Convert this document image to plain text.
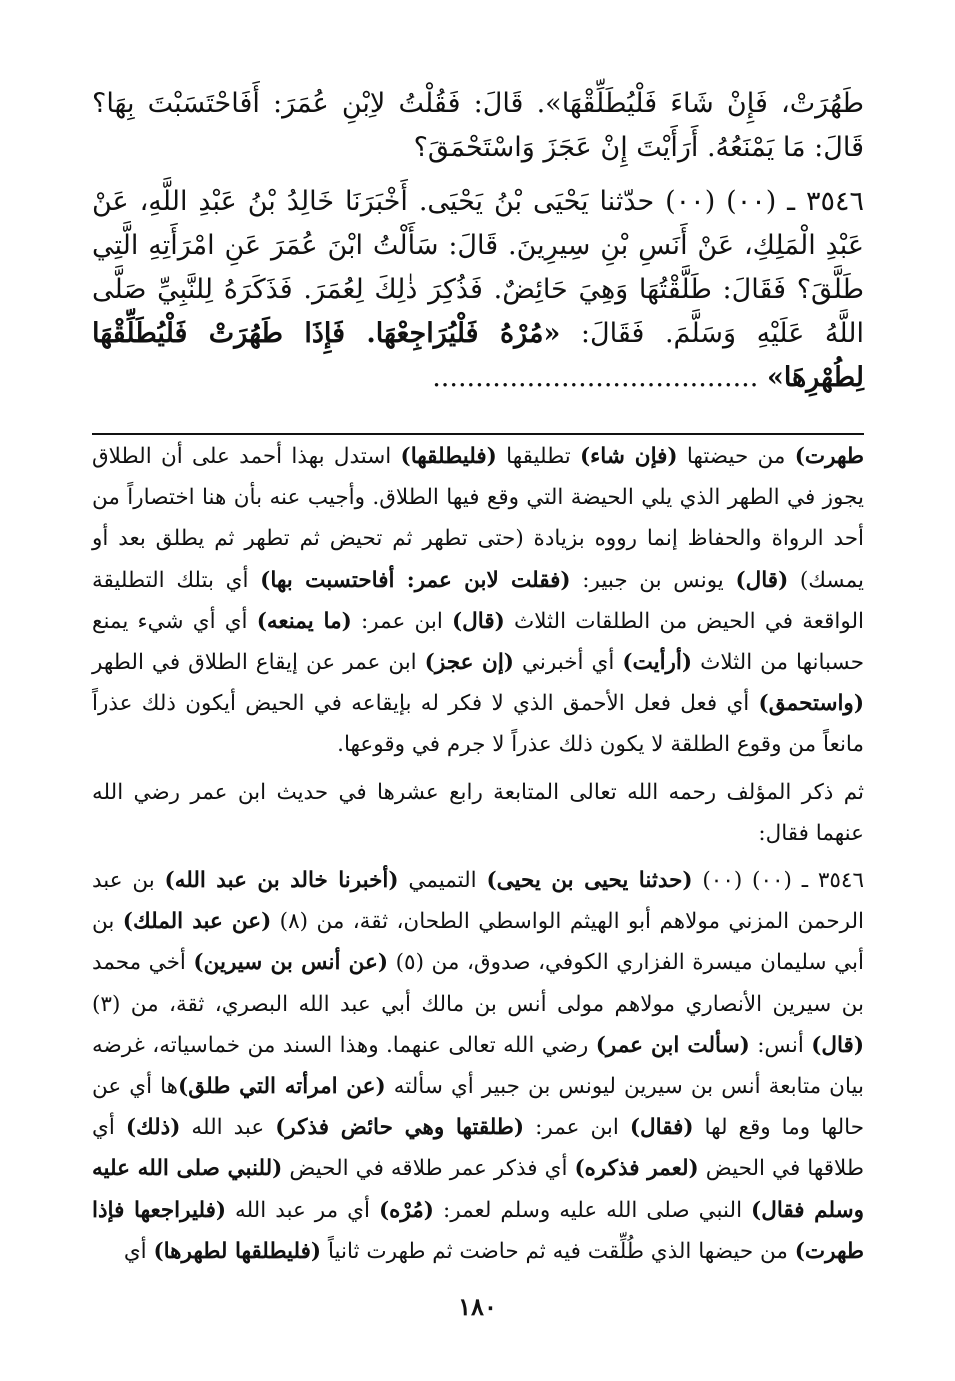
طَهُرَتْ، فَإِنْ شَاءَ فَلْيُطَلِّقْهَا». قَالَ: فَقُلْتُ لاِبْنِ عُمَرَ: أَفَاحْتَسَبْتَ بِهَا؟ قَالَ: مَا يَمْنَعُهُ. أَرَأَيْتَ إِنْ عَجَزَ وَاسْتَحْمَقَ؟

٣٥٤٦ ـ (٠٠) (٠٠) حدّثنا يَحْيَى بْنُ يَحْيَى. أَخْبَرَنَا خَالِدُ بْنُ عَبْدِ اللَّهِ، عَنْ عَبْدِ الْمَلِكِ، عَنْ أَنَسِ بْنِ سِيرِينَ. قَالَ: سَأَلْتُ ابْنَ عُمَرَ عَنِ امْرَأَتِهِ الَّتِي طَلَّقَ؟ فَقَالَ: طَلَّقْتُهَا وَهِيَ حَائِضٌ. فَذُكِرَ ذٰلِكَ لِعُمَرَ. فَذَكَرَهُ لِلنَّبِيِّ صَلَّى اللَّهُ عَلَيْهِ وَسَلَّمَ. فَقَالَ: «مُرْهُ فَلْيُرَاجِعْهَا. فَإِذَا طَهُرَتْ فَلْيُطَلِّقْهَا لِطُهْرِهَا» ......................................

طهرت) من حيضتها (فإن شاء) تطليقها (فليطلقها) استدل بهذا أحمد على أن الطلاق يجوز في الطهر الذي يلي الحيضة التي وقع فيها الطلاق. وأجيب عنه بأن هنا اختصاراً من أحد الرواة والحفاظ إنما رووه بزيادة (حتى تطهر ثم تحيض ثم تطهر ثم يطلق بعد أو يمسك) (قال) يونس بن جبير: (فقلت لابن عمر: أفاحتسبت بها) أي بتلك التطليقة الواقعة في الحيض من الطلقات الثلاث (قال) ابن عمر: (ما يمنعه) أي أي شيء يمنع حسبانها من الثلاث (أرأيت) أي أخبرني (إن عجز) ابن عمر عن إيقاع الطلاق في الطهر (واستحمق) أي فعل فعل الأحمق الذي لا فكر له بإيقاعه في الحيض أيكون ذلك عذراً مانعاً من وقوع الطلقة لا يكون ذلك عذراً لا جرم في وقوعها.

ثم ذكر المؤلف رحمه الله تعالى المتابعة رابع عشرها في حديث ابن عمر رضي الله عنهما فقال:

٣٥٤٦ ـ (٠٠) (٠٠) (حدثنا يحيى بن يحيى) التميمي (أخبرنا خالد بن عبد الله) بن عبد الرحمن المزني مولاهم أبو الهيثم الواسطي الطحان، ثقة، من (٨) (عن عبد الملك) بن أبي سليمان ميسرة الفزاري الكوفي، صدوق، من (٥) (عن أنس بن سيرين) أخي محمد بن سيرين الأنصاري مولاهم مولى أنس بن مالك أبي عبد الله البصري، ثقة، من (٣) (قال) أنس: (سألت ابن عمر) رضي الله تعالى عنهما. وهذا السند من خماسياته، غرضه بيان متابعة أنس بن سيرين ليونس بن جبير أي سألته (عن امرأته التي طلق)ها أي عن حالها وما وقع لها (فقال) ابن عمر: (طلقتها وهي حائض فذكر) عبد الله (ذلك) أي طلاقها في الحيض (لعمر فذكره) أي فذكر عمر طلاقه في الحيض (للنبي صلى الله عليه وسلم فقال) النبي صلى الله عليه وسلم لعمر: (مُرْه) أي مر عبد الله (فليراجعها فإذا طهرت) من حيضها الذي طُلِّقت فيه ثم حاضت ثم طهرت ثانياً (فليطلقها لطهرها) أي

١٨٠
